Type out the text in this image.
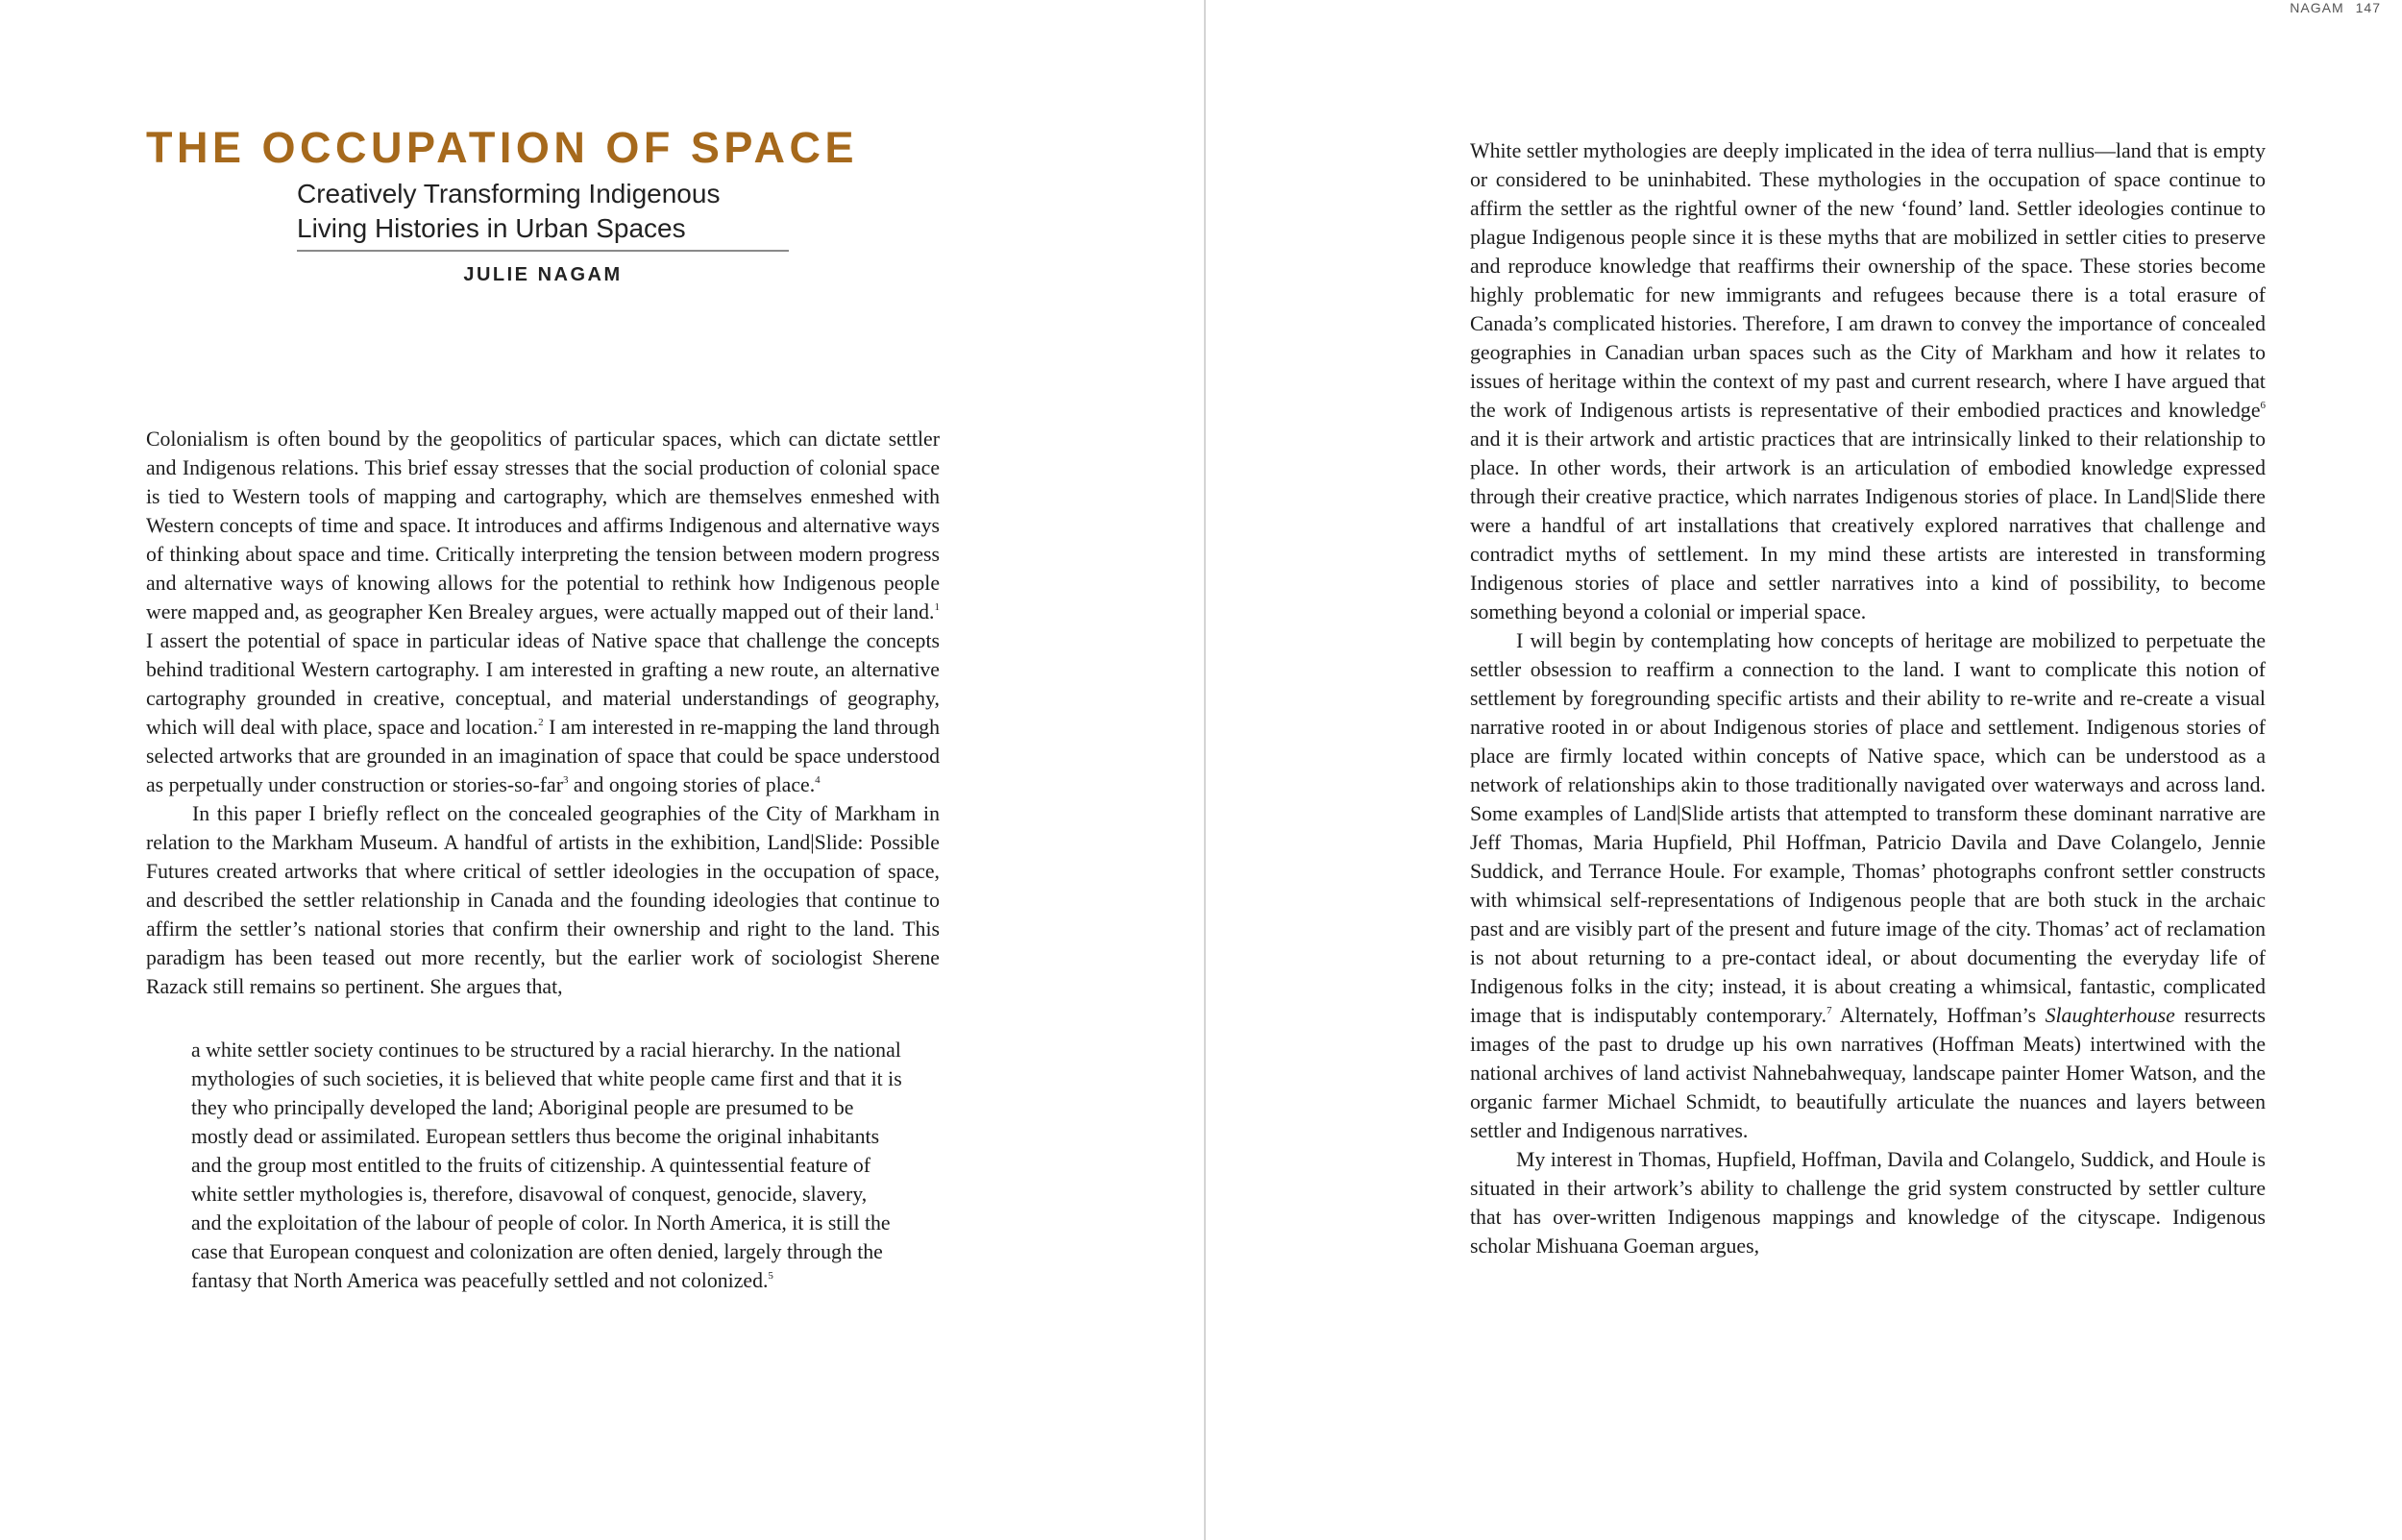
NAGAM 147
THE OCCUPATION OF SPACE
Creatively Transforming Indigenous
Living Histories in Urban Spaces
JULIE NAGAM

Colonialism is often bound by the geopolitics of particular spaces, which can dictate settler and Indigenous relations. This brief essay stresses that the social production of colonial space is tied to Western tools of mapping and cartography, which are themselves enmeshed with Western concepts of time and space. It introduces and affirms Indigenous and alternative ways of thinking about space and time. Critically interpreting the tension between modern progress and alternative ways of knowing allows for the potential to rethink how Indigenous people were mapped and, as geographer Ken Brealey argues, were actually mapped out of their land.$^1$ I assert the potential of space in particular ideas of Native space that challenge the concepts behind traditional Western cartography. I am interested in grafting a new route, an alternative cartography grounded in creative, conceptual, and material understandings of geography, which will deal with place, space and location.$^2$ I am interested in re-mapping the land through selected artworks that are grounded in an imagination of space that could be space understood as perpetually under construction or stories-so-far$^3$ and ongoing stories of place.$^4$

In this paper I briefly reflect on the concealed geographies of the City of Markham in relation to the Markham Museum. A handful of artists in the exhibition, Land|Slide: Possible Futures created artworks that where critical of settler ideologies in the occupation of space, and described the settler relationship in Canada and the founding ideologies that continue to affirm the settler’s national stories that confirm their ownership and right to the land. This paradigm has been teased out more recently, but the earlier work of sociologist Sherene Razack still remains so pertinent. She argues that,

a white settler society continues to be structured by a racial hierarchy. In the national mythologies of such societies, it is believed that white people came first and that it is they who principally developed the land; Aboriginal people are presumed to be mostly dead or assimilated. European settlers thus become the original inhabitants and the group most entitled to the fruits of citizenship. A quintessential feature of white settler mythologies is, therefore, disavowal of conquest, genocide, slavery, and the exploitation of the labour of people of color. In North America, it is still the case that European conquest and colonization are often denied, largely through the fantasy that North America was peacefully settled and not colonized.$^5$

White settler mythologies are deeply implicated in the idea of terra nullius—land that is empty or considered to be uninhabited. These mythologies in the occupation of space continue to affirm the settler as the rightful owner of the new ‘found’ land. Settler ideologies continue to plague Indigenous people since it is these myths that are mobilized in settler cities to preserve and reproduce knowledge that reaffirms their ownership of the space. These stories become highly problematic for new immigrants and refugees because there is a total erasure of Canada’s complicated histories. Therefore, I am drawn to convey the importance of concealed geographies in Canadian urban spaces such as the City of Markham and how it relates to issues of heritage within the context of my past and current research, where I have argued that the work of Indigenous artists is representative of their embodied practices and knowledge$^6$ and it is their artwork and artistic practices that are intrinsically linked to their relationship to place. In other words, their artwork is an articulation of embodied knowledge expressed through their creative practice, which narrates Indigenous stories of place. In Land|Slide there were a handful of art installations that creatively explored narratives that challenge and contradict myths of settlement. In my mind these artists are interested in transforming Indigenous stories of place and settler narratives into a kind of possibility, to become something beyond a colonial or imperial space.

I will begin by contemplating how concepts of heritage are mobilized to perpetuate the settler obsession to reaffirm a connection to the land. I want to complicate this notion of settlement by foregrounding specific artists and their ability to re-write and re-create a visual narrative rooted in or about Indigenous stories of place and settlement. Indigenous stories of place are firmly located within concepts of Native space, which can be understood as a network of relationships akin to those traditionally navigated over waterways and across land. Some examples of Land|Slide artists that attempted to transform these dominant narrative are Jeff Thomas, Maria Hupfield, Phil Hoffman, Patricio Davila and Dave Colangelo, Jennie Suddick, and Terrance Houle. For example, Thomas’ photographs confront settler constructs with whimsical self-representations of Indigenous people that are both stuck in the archaic past and are visibly part of the present and future image of the city. Thomas’ act of reclamation is not about returning to a pre-contact ideal, or about documenting the everyday life of Indigenous folks in the city; instead, it is about creating a whimsical, fantastic, complicated image that is indisputably contemporary.$^7$ Alternately, Hoffman’s Slaughterhouse resurrects images of the past to drudge up his own narratives (Hoffman Meats) intertwined with the national archives of land activist Nahnebahwequay, landscape painter Homer Watson, and the organic farmer Michael Schmidt, to beautifully articulate the nuances and layers between settler and Indigenous narratives.

My interest in Thomas, Hupfield, Hoffman, Davila and Colangelo, Suddick, and Houle is situated in their artwork’s ability to challenge the grid system constructed by settler culture that has over-written Indigenous mappings and knowledge of the cityscape. Indigenous scholar Mishuana Goeman argues,
